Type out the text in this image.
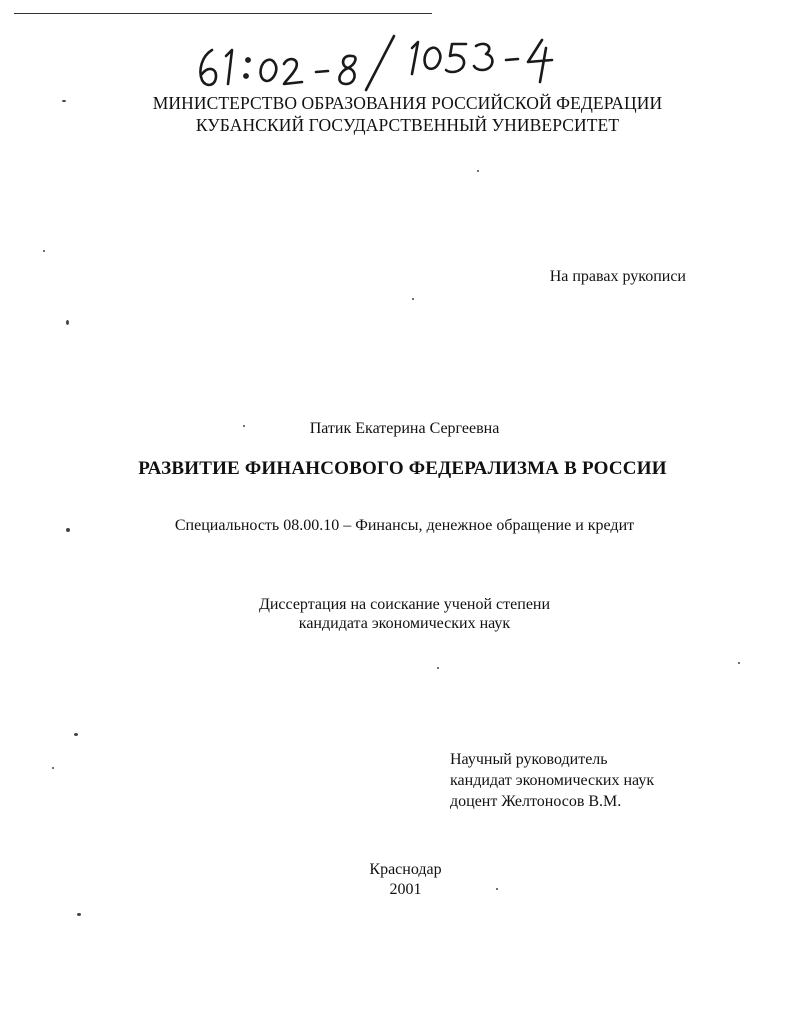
МИНИСТЕРСТВО ОБРАЗОВАНИЯ РОССИЙСКОЙ ФЕДЕРАЦИИ
КУБАНСКИЙ ГОСУДАРСТВЕННЫЙ УНИВЕРСИТЕТ
На правах рукописи
Патик Екатерина Сергеевна
РАЗВИТИЕ ФИНАНСОВОГО ФЕДЕРАЛИЗМА В РОССИИ
Специальность 08.00.10 – Финансы, денежное обращение и кредит
Диссертация на соискание ученой степени
кандидата экономических наук
Научный руководитель
кандидат экономических наук
доцент Желтоносов В.М.
Краснодар
2001
